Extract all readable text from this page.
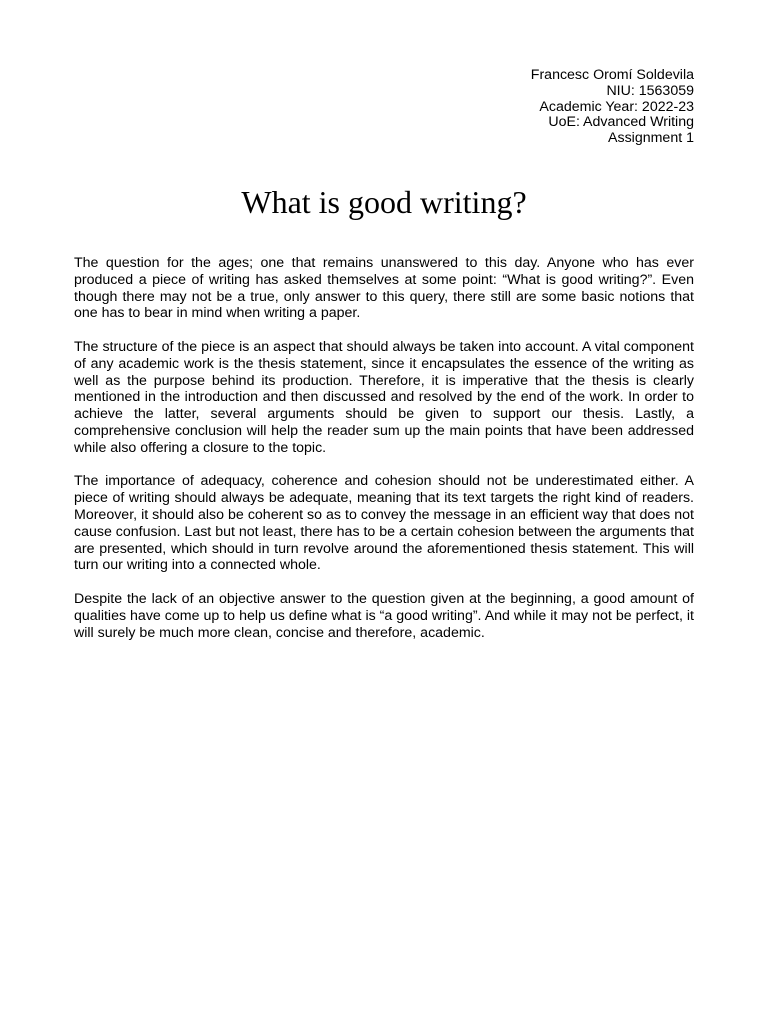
Francesc Oromí Soldevila
NIU: 1563059
Academic Year: 2022-23
UoE: Advanced Writing
Assignment 1
What is good writing?

The question for the ages; one that remains unanswered to this day. Anyone who has ever produced a piece of writing has asked themselves at some point: “What is good writing?”. Even though there may not be a true, only answer to this query, there still are some basic notions that one has to bear in mind when writing a paper.

The structure of the piece is an aspect that should always be taken into account. A vital component of any academic work is the thesis statement, since it encapsulates the essence of the writing as well as the purpose behind its production. Therefore, it is imperative that the thesis is clearly mentioned in the introduction and then discussed and resolved by the end of the work. In order to achieve the latter, several arguments should be given to support our thesis. Lastly, a comprehensive conclusion will help the reader sum up the main points that have been addressed while also offering a closure to the topic.

The importance of adequacy, coherence and cohesion should not be underestimated either. A piece of writing should always be adequate, meaning that its text targets the right kind of readers. Moreover, it should also be coherent so as to convey the message in an efficient way that does not cause confusion. Last but not least, there has to be a certain cohesion between the arguments that are presented, which should in turn revolve around the aforementioned thesis statement. This will turn our writing into a connected whole.

Despite the lack of an objective answer to the question given at the beginning, a good amount of qualities have come up to help us define what is “a good writing”. And while it may not be perfect, it will surely be much more clean, concise and therefore, academic.
